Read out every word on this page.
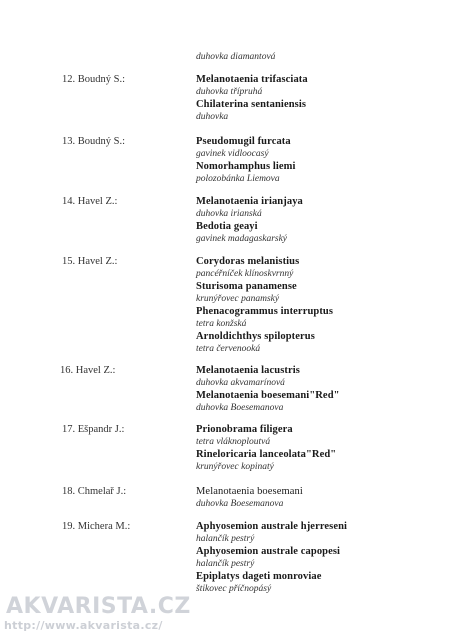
duhovka diamantová
12. Boudný S.:	Melanotaenia trifasciata
duhovka třípruhá
Chilaterina sentaniensis
duhovka
13. Boudný S.:	Pseudomugil furcata
gavinek vidloocasý
Nomorhamphus liemi
polozobánka Liemova
14. Havel Z.:	Melanotaenia irianjaya
duhovka irianská
Bedotia geayi
gavinek madagaskarský
15. Havel Z.:	Corydoras melanistius
pancéřníček klínoskvrnný
Sturisoma panamense
krunýřovec panamský
Phenacogrammus interruptus
tetra konžská
Arnoldichthys spilopterus
tetra červenooká
16. Havel Z.:	Melanotaenia lacustris
duhovka akvamarínová
Melanotaenia boesemani"Red"
duhovka Boesemanova
17. Ešpandr J.:	Prionobrama filigera
tetra vláknoploutvá
Rineloricaria lanceolata"Red"
krunýřovec kopinatý
18. Chmelař J.:	Melanotaenia boesemani
duhovka Boesemanova
19. Michera M.:	Aphyosemion australe hjerreseni
halančík pestrý
Aphyosemion australe capopesi
halančík pestrý
Epiplatys dageti monroviae
štikovec příčnopásý
AKVARISTA.CZ
http://www.akvarista.cz/
